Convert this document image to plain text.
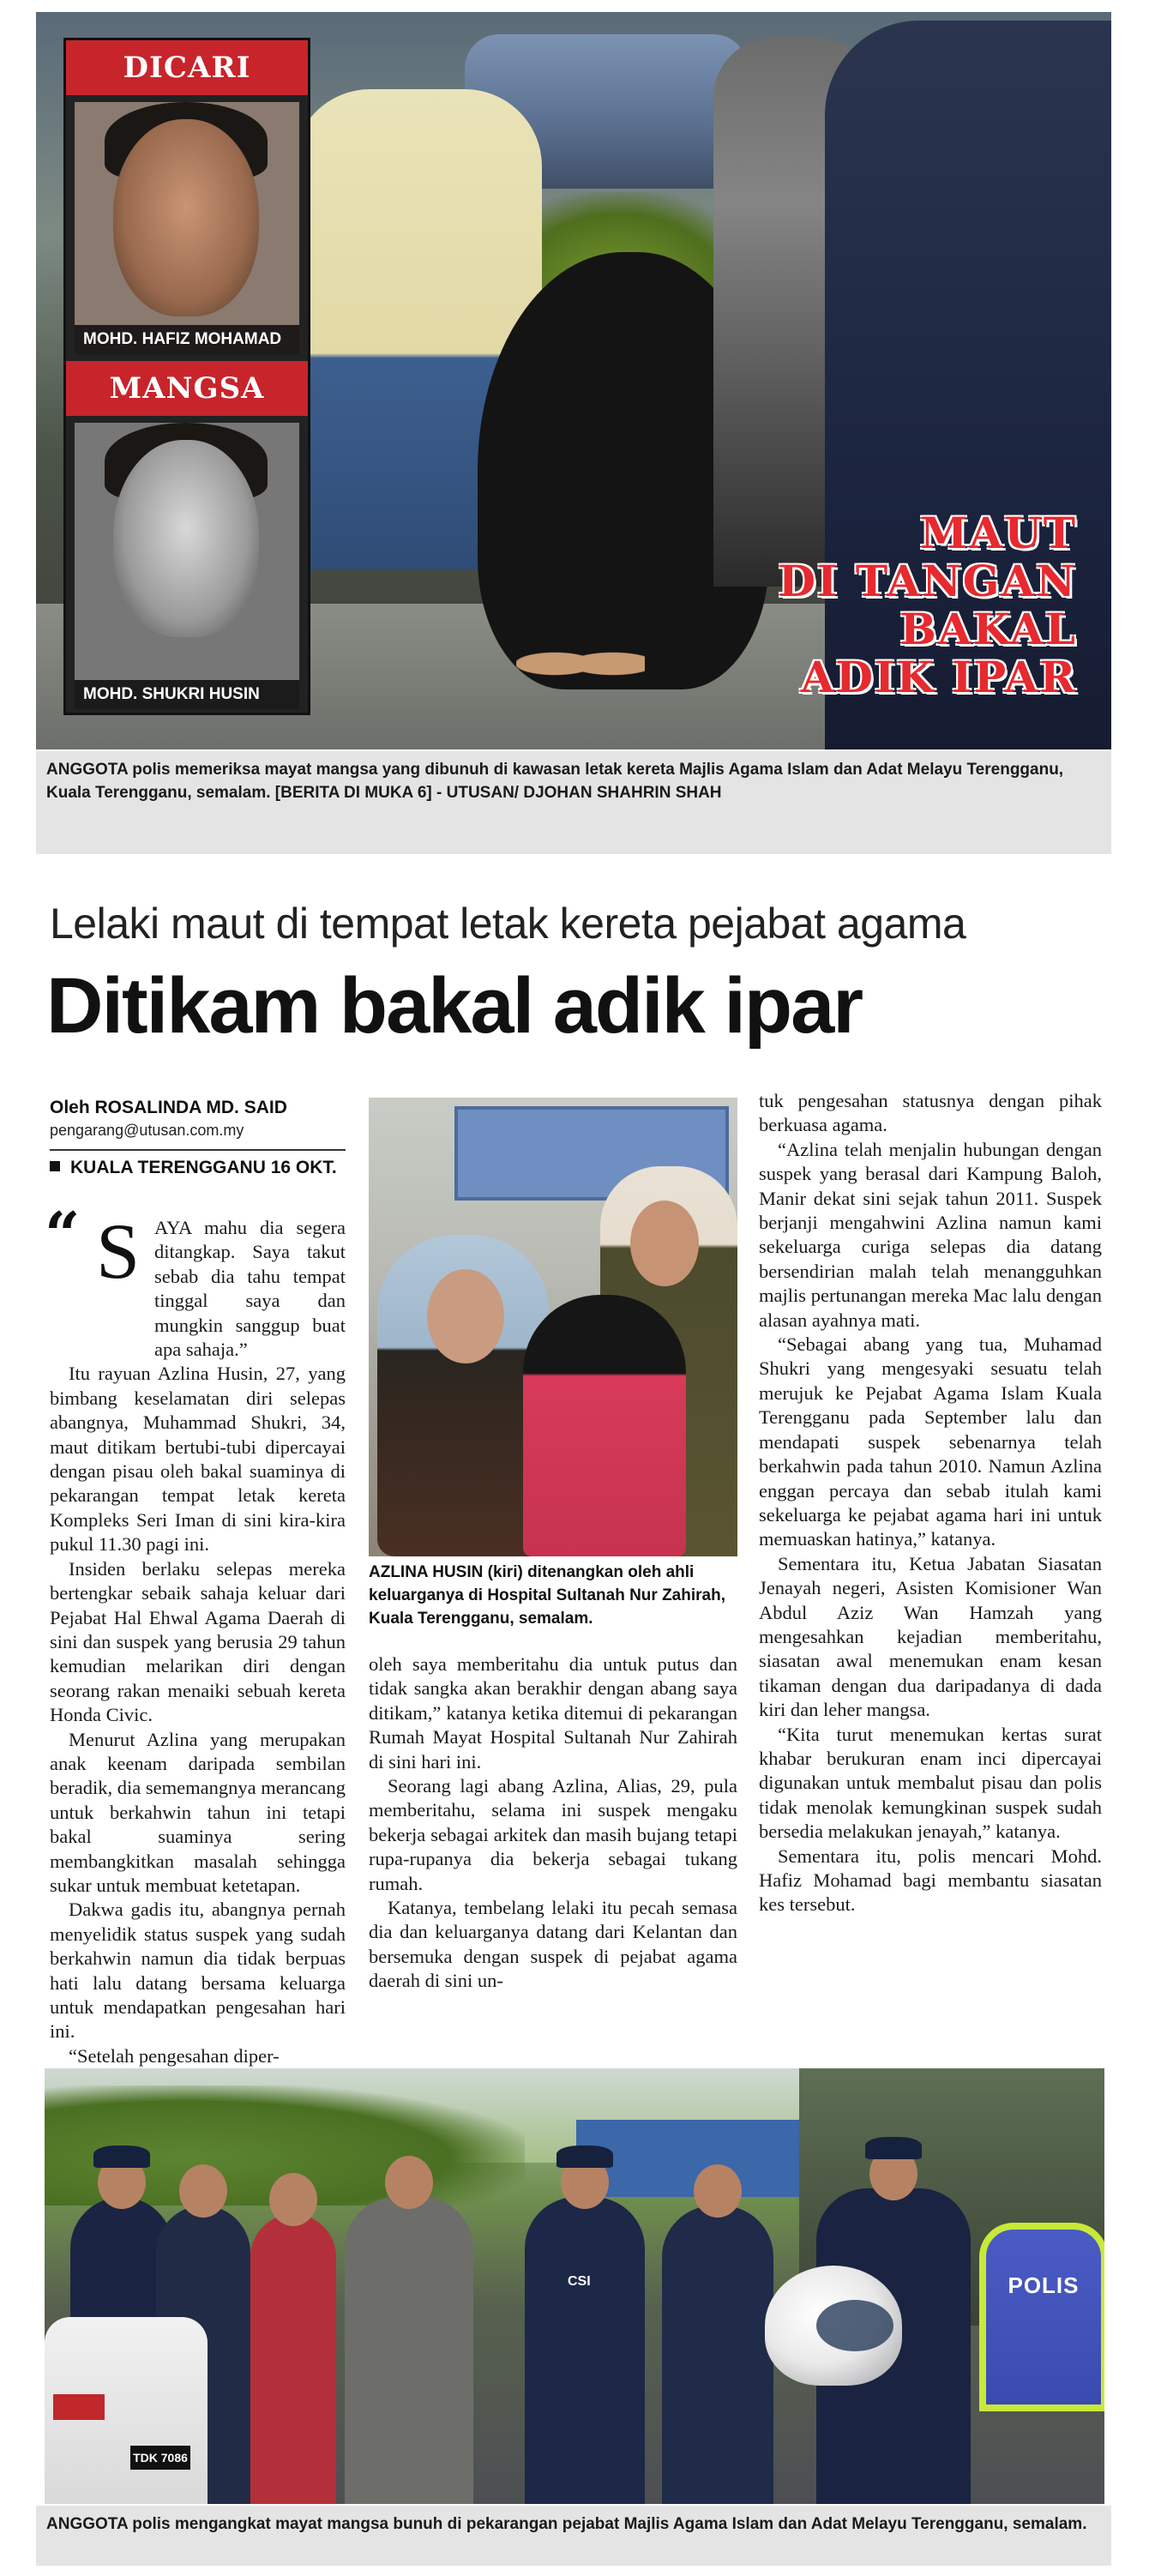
DICARI
MOHD. HAFIZ MOHAMAD
MANGSA
MOHD. SHUKRI HUSIN
MAUT
DI TANGAN
BAKAL
ADIK IPAR
ANGGOTA polis memeriksa mayat mangsa yang dibunuh di kawasan letak kereta Majlis Agama Islam dan Adat Melayu Terengganu, Kuala Terengganu, semalam. [BERITA DI MUKA 6] - UTUSAN/ DJOHAN SHAHRIN SHAH
Lelaki maut di tempat letak kereta pejabat agama
Ditikam bakal adik ipar
Oleh ROSALINDA MD. SAID
pengarang@utusan.com.my
KUALA TERENGGANU 16 OKT.
“ S AYA mahu dia segera ditangkap. Saya takut sebab dia tahu tempat tinggal saya dan mungkin sanggup buat apa sahaja.”

Itu rayuan Azlina Husin, 27, yang bimbang keselamatan diri selepas abangnya, Muhammad Shukri, 34, maut ditikam bertubi-tubi dipercayai dengan pisau oleh bakal suaminya di pekarangan tempat letak kereta Kompleks Seri Iman di sini kira-kira pukul 11.30 pagi ini.

Insiden berlaku selepas mereka bertengkar sebaik sahaja keluar dari Pejabat Hal Ehwal Agama Daerah di sini dan suspek yang berusia 29 tahun kemudian melarikan diri dengan seorang rakan menaiki sebuah kereta Honda Civic.

Menurut Azlina yang merupakan anak keenam daripada sembilan beradik, dia sememangnya merancang untuk berkahwin tahun ini tetapi bakal suaminya sering membangkitkan masalah sehingga sukar untuk membuat ketetapan.

Dakwa gadis itu, abangnya pernah menyelidik status suspek yang sudah berkahwin namun dia tidak berpuas hati lalu datang bersama keluarga untuk mendapatkan pengesahan hari ini.

“Setelah pengesahan diper-

AZLINA HUSIN (kiri) ditenangkan oleh ahli keluarganya di Hospital Sultanah Nur Zahirah, Kuala Terengganu, semalam.

oleh saya memberitahu dia untuk putus dan tidak sangka akan berakhir dengan abang saya ditikam,” katanya ketika ditemui di pekarangan Rumah Mayat Hospital Sultanah Nur Zahirah di sini hari ini.

Seorang lagi abang Azlina, Alias, 29, pula memberitahu, selama ini suspek mengaku bekerja sebagai arkitek dan masih bujang tetapi rupa-rupanya dia bekerja sebagai tukang rumah.

Katanya, tembelang lelaki itu pecah semasa dia dan keluarganya datang dari Kelantan dan bersemuka dengan suspek di pejabat agama daerah di sini un-

tuk pengesahan statusnya dengan pihak berkuasa agama.

“Azlina telah menjalin hubungan dengan suspek yang berasal dari Kampung Baloh, Manir dekat sini sejak tahun 2011. Suspek berjanji mengahwini Azlina namun kami sekeluarga curiga selepas dia datang bersendirian malah telah menangguhkan majlis pertunangan mereka Mac lalu dengan alasan ayahnya mati.

“Sebagai abang yang tua, Muhamad Shukri yang mengesyaki sesuatu telah merujuk ke Pejabat Agama Islam Kuala Terengganu pada September lalu dan mendapati suspek sebenarnya telah berkahwin pada tahun 2010. Namun Azlina enggan percaya dan sebab itulah kami sekeluarga ke pejabat agama hari ini untuk memuaskan hatinya,” katanya.

Sementara itu, Ketua Jabatan Siasatan Jenayah negeri, Asisten Komisioner Wan Abdul Aziz Wan Hamzah yang mengesahkan kejadian memberitahu, siasatan awal menemukan enam kesan tikaman dengan dua daripadanya di dada kiri dan leher mangsa.

“Kita turut menemukan kertas surat khabar berukuran enam inci dipercayai digunakan untuk membalut pisau dan polis tidak menolak kemungkinan suspek sudah bersedia melakukan jenayah,” katanya.

Sementara itu, polis mencari Mohd. Hafiz Mohamad bagi membantu siasatan kes tersebut.

TDK 7086
CSI	POLIS
ANGGOTA polis mengangkat mayat mangsa bunuh di pekarangan pejabat Majlis Agama Islam dan Adat Melayu Terengganu, semalam.
